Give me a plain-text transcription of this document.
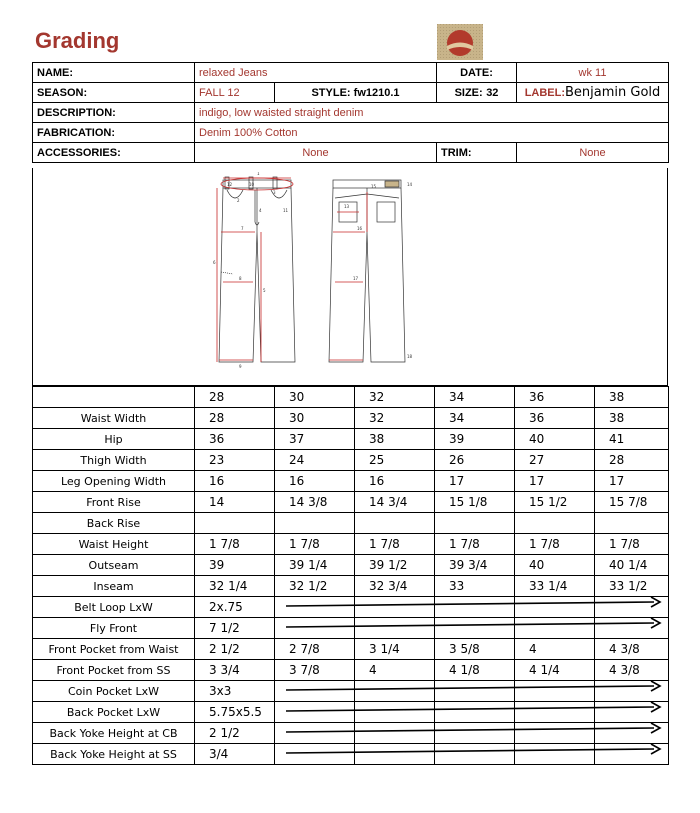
Grading
NAME:	relaxed Jeans		DATE:	wk 11
SEASON:	FALL 12	STYLE: fw1210.1	SIZE: 32	LABEL:Benjamin Gold
DESCRIPTION:	indigo, low waisted straight denim			
FABRICATION:	Denim 100% Cotton			
ACCESSORIES:	None		TRIM:	None
1
2
3
4
5
6
7
8
9
10
11
12
13
14
15
16
17
18
	28	30	32	34	36	38
Waist Width	28	30	32	34	36	38
Hip	36	37	38	39	40	41
Thigh Width	23	24	25	26	27	28
Leg Opening Width	16	16	16	17	17	17
Front Rise	14	14 3/8	14 3/4	15 1/8	15 1/2	15 7/8
Back Rise						
Waist Height	1 7/8	1 7/8	1 7/8	1 7/8	1 7/8	1 7/8
Outseam	39	39 1/4	39 1/2	39 3/4	40	40 1/4
Inseam	32 1/4	32 1/2	32 3/4	33	33 1/4	33 1/2
Belt Loop LxW	2x.75					
Fly Front	7 1/2					
Front Pocket from Waist	2 1/2	2 7/8	3 1/4	3 5/8	4	4 3/8
Front Pocket from SS	3 3/4	3 7/8	4	4 1/8	4 1/4	4 3/8
Coin Pocket LxW	3x3					
Back Pocket LxW	5.75x5.5					
Back Yoke Height at CB	2 1/2					
Back Yoke Height at SS	3/4					
